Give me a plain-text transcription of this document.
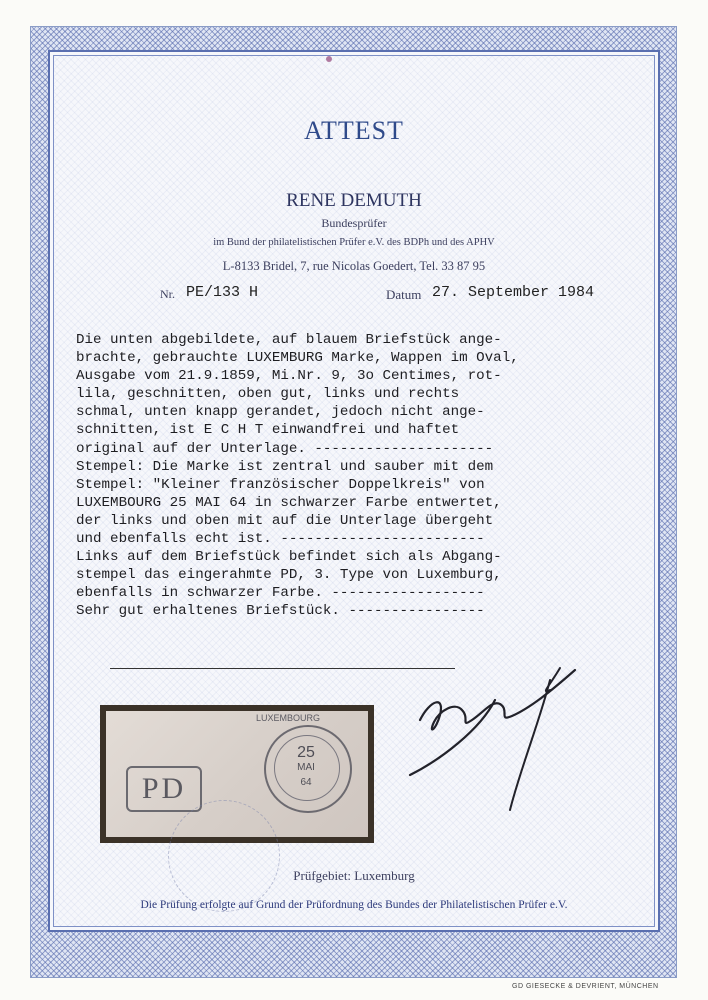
ATTEST
RENE DEMUTH
Bundesprüfer
im Bund der philatelistischen Prüfer e.V. des BDPh und des APHV
L-8133 Bridel, 7, rue Nicolas Goedert, Tel. 33 87 95
Nr. PE/133 H	Datum 27. September 1984
Die unten abgebildete, auf blauem Briefstück ange-
brachte, gebrauchte LUXEMBURG Marke, Wappen im Oval,
Ausgabe vom 21.9.1859, Mi.Nr. 9, 3o Centimes, rot-
lila, geschnitten, oben gut, links und rechts
schmal, unten knapp gerandet, jedoch nicht ange-
schnitten, ist E C H T einwandfrei und haftet
original auf der Unterlage. ---------------------
Stempel: Die Marke ist zentral und sauber mit dem
Stempel: "Kleiner französischer Doppelkreis" von
LUXEMBOURG 25 MAI 64 in schwarzer Farbe entwertet,
der links und oben mit auf die Unterlage übergeht
und ebenfalls echt ist. ------------------------
Links auf dem Briefstück befindet sich als Abgang-
stempel das eingerahmte PD, 3. Type von Luxemburg,
ebenfalls in schwarzer Farbe. ------------------
Sehr gut erhaltenes Briefstück. ----------------
PD
LUXEMBOURG
25
MAI
64
Prüfgebiet: Luxemburg
Die Prüfung erfolgte auf Grund der Prüfordnung des Bundes der Philatelistischen Prüfer e.V.
GD GIESECKE & DEVRIENT, MÜNCHEN
